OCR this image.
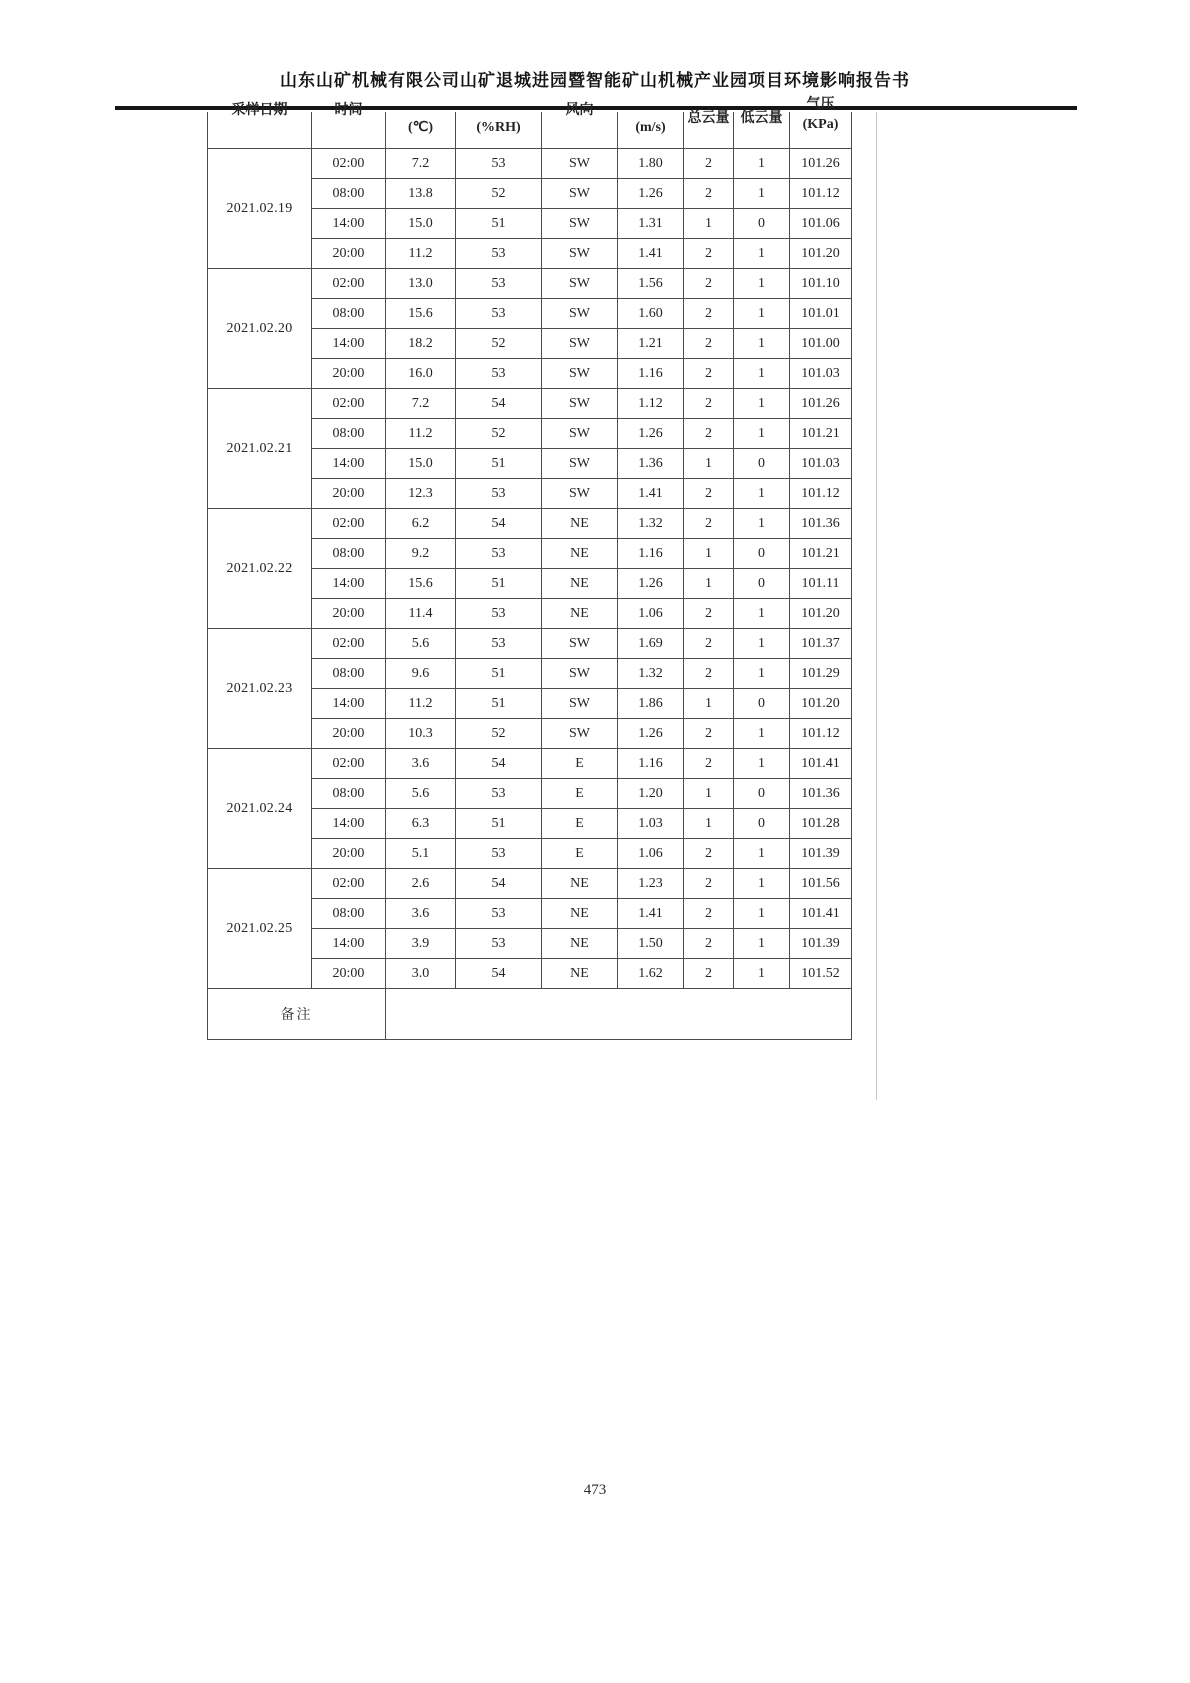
山东山矿机械有限公司山矿退城进园暨智能矿山机械产业园项目环境影响报告书
采样日期	时间	(℃)	(%RH)	风向	(m/s)	总云量	低云量	气压
(KPa)

2021.02.19	02:00	7.2	53	SW	1.80	2	1	101.26
	08:00	13.8	52	SW	1.26	2	1	101.12
	14:00	15.0	51	SW	1.31	1	0	101.06
	20:00	11.2	53	SW	1.41	2	1	101.20
2021.02.20	02:00	13.0	53	SW	1.56	2	1	101.10
	08:00	15.6	53	SW	1.60	2	1	101.01
	14:00	18.2	52	SW	1.21	2	1	101.00
	20:00	16.0	53	SW	1.16	2	1	101.03
2021.02.21	02:00	7.2	54	SW	1.12	2	1	101.26
	08:00	11.2	52	SW	1.26	2	1	101.21
	14:00	15.0	51	SW	1.36	1	0	101.03
	20:00	12.3	53	SW	1.41	2	1	101.12
2021.02.22	02:00	6.2	54	NE	1.32	2	1	101.36
	08:00	9.2	53	NE	1.16	1	0	101.21
	14:00	15.6	51	NE	1.26	1	0	101.11
	20:00	11.4	53	NE	1.06	2	1	101.20
2021.02.23	02:00	5.6	53	SW	1.69	2	1	101.37
	08:00	9.6	51	SW	1.32	2	1	101.29
	14:00	11.2	51	SW	1.86	1	0	101.20
	20:00	10.3	52	SW	1.26	2	1	101.12
2021.02.24	02:00	3.6	54	E	1.16	2	1	101.41
	08:00	5.6	53	E	1.20	1	0	101.36
	14:00	6.3	51	E	1.03	1	0	101.28
	20:00	5.1	53	E	1.06	2	1	101.39
2021.02.25	02:00	2.6	54	NE	1.23	2	1	101.56
	08:00	3.6	53	NE	1.41	2	1	101.41
	14:00	3.9	53	NE	1.50	2	1	101.39
	20:00	3.0	54	NE	1.62	2	1	101.52
备注								
473
